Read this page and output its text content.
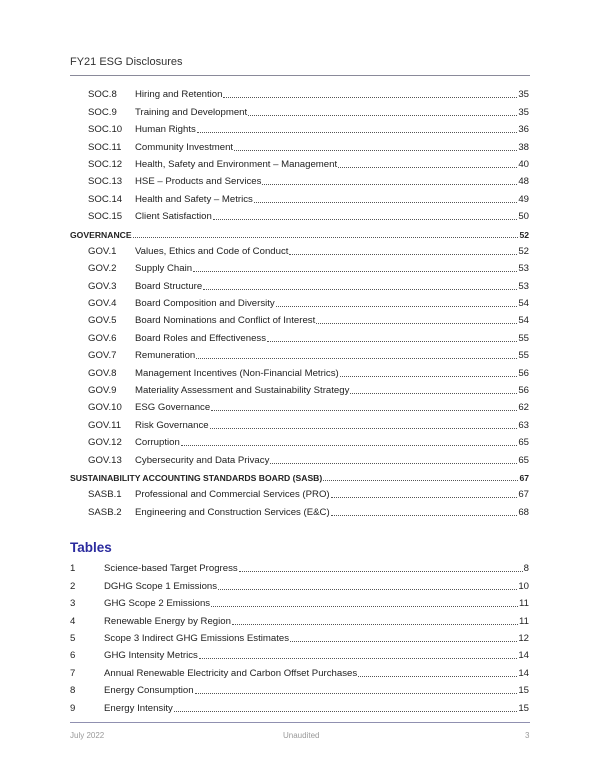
FY21 ESG Disclosures
SOC.8	Hiring and Retention	35
SOC.9	Training and Development	35
SOC.10	Human Rights	36
SOC.11	Community Investment	38
SOC.12	Health, Safety and Environment – Management	40
SOC.13	HSE – Products and Services	48
SOC.14	Health and Safety – Metrics	49
SOC.15	Client Satisfaction	50
GOVERNANCE	52
GOV.1	Values, Ethics and Code of Conduct	52
GOV.2	Supply Chain	53
GOV.3	Board Structure	53
GOV.4	Board Composition and Diversity	54
GOV.5	Board Nominations and Conflict of Interest	54
GOV.6	Board Roles and Effectiveness	55
GOV.7	Remuneration	55
GOV.8	Management Incentives (Non-Financial Metrics)	56
GOV.9	Materiality Assessment and Sustainability Strategy	56
GOV.10	ESG Governance	62
GOV.11	Risk Governance	63
GOV.12	Corruption	65
GOV.13	Cybersecurity and Data Privacy	65
SUSTAINABILITY ACCOUNTING STANDARDS BOARD (SASB)	67
SASB.1	Professional and Commercial Services (PRO)	67
SASB.2	Engineering and Construction Services (E&C)	68
Tables
1	Science-based Target Progress	8
2	DGHG Scope 1 Emissions	10
3	GHG Scope 2 Emissions	11
4	Renewable Energy by Region	11
5	Scope 3 Indirect GHG Emissions Estimates	12
6	GHG Intensity Metrics	14
7	Annual Renewable Electricity and Carbon Offset Purchases	14
8	Energy Consumption	15
9	Energy Intensity	15
July 2022	Unaudited	3
